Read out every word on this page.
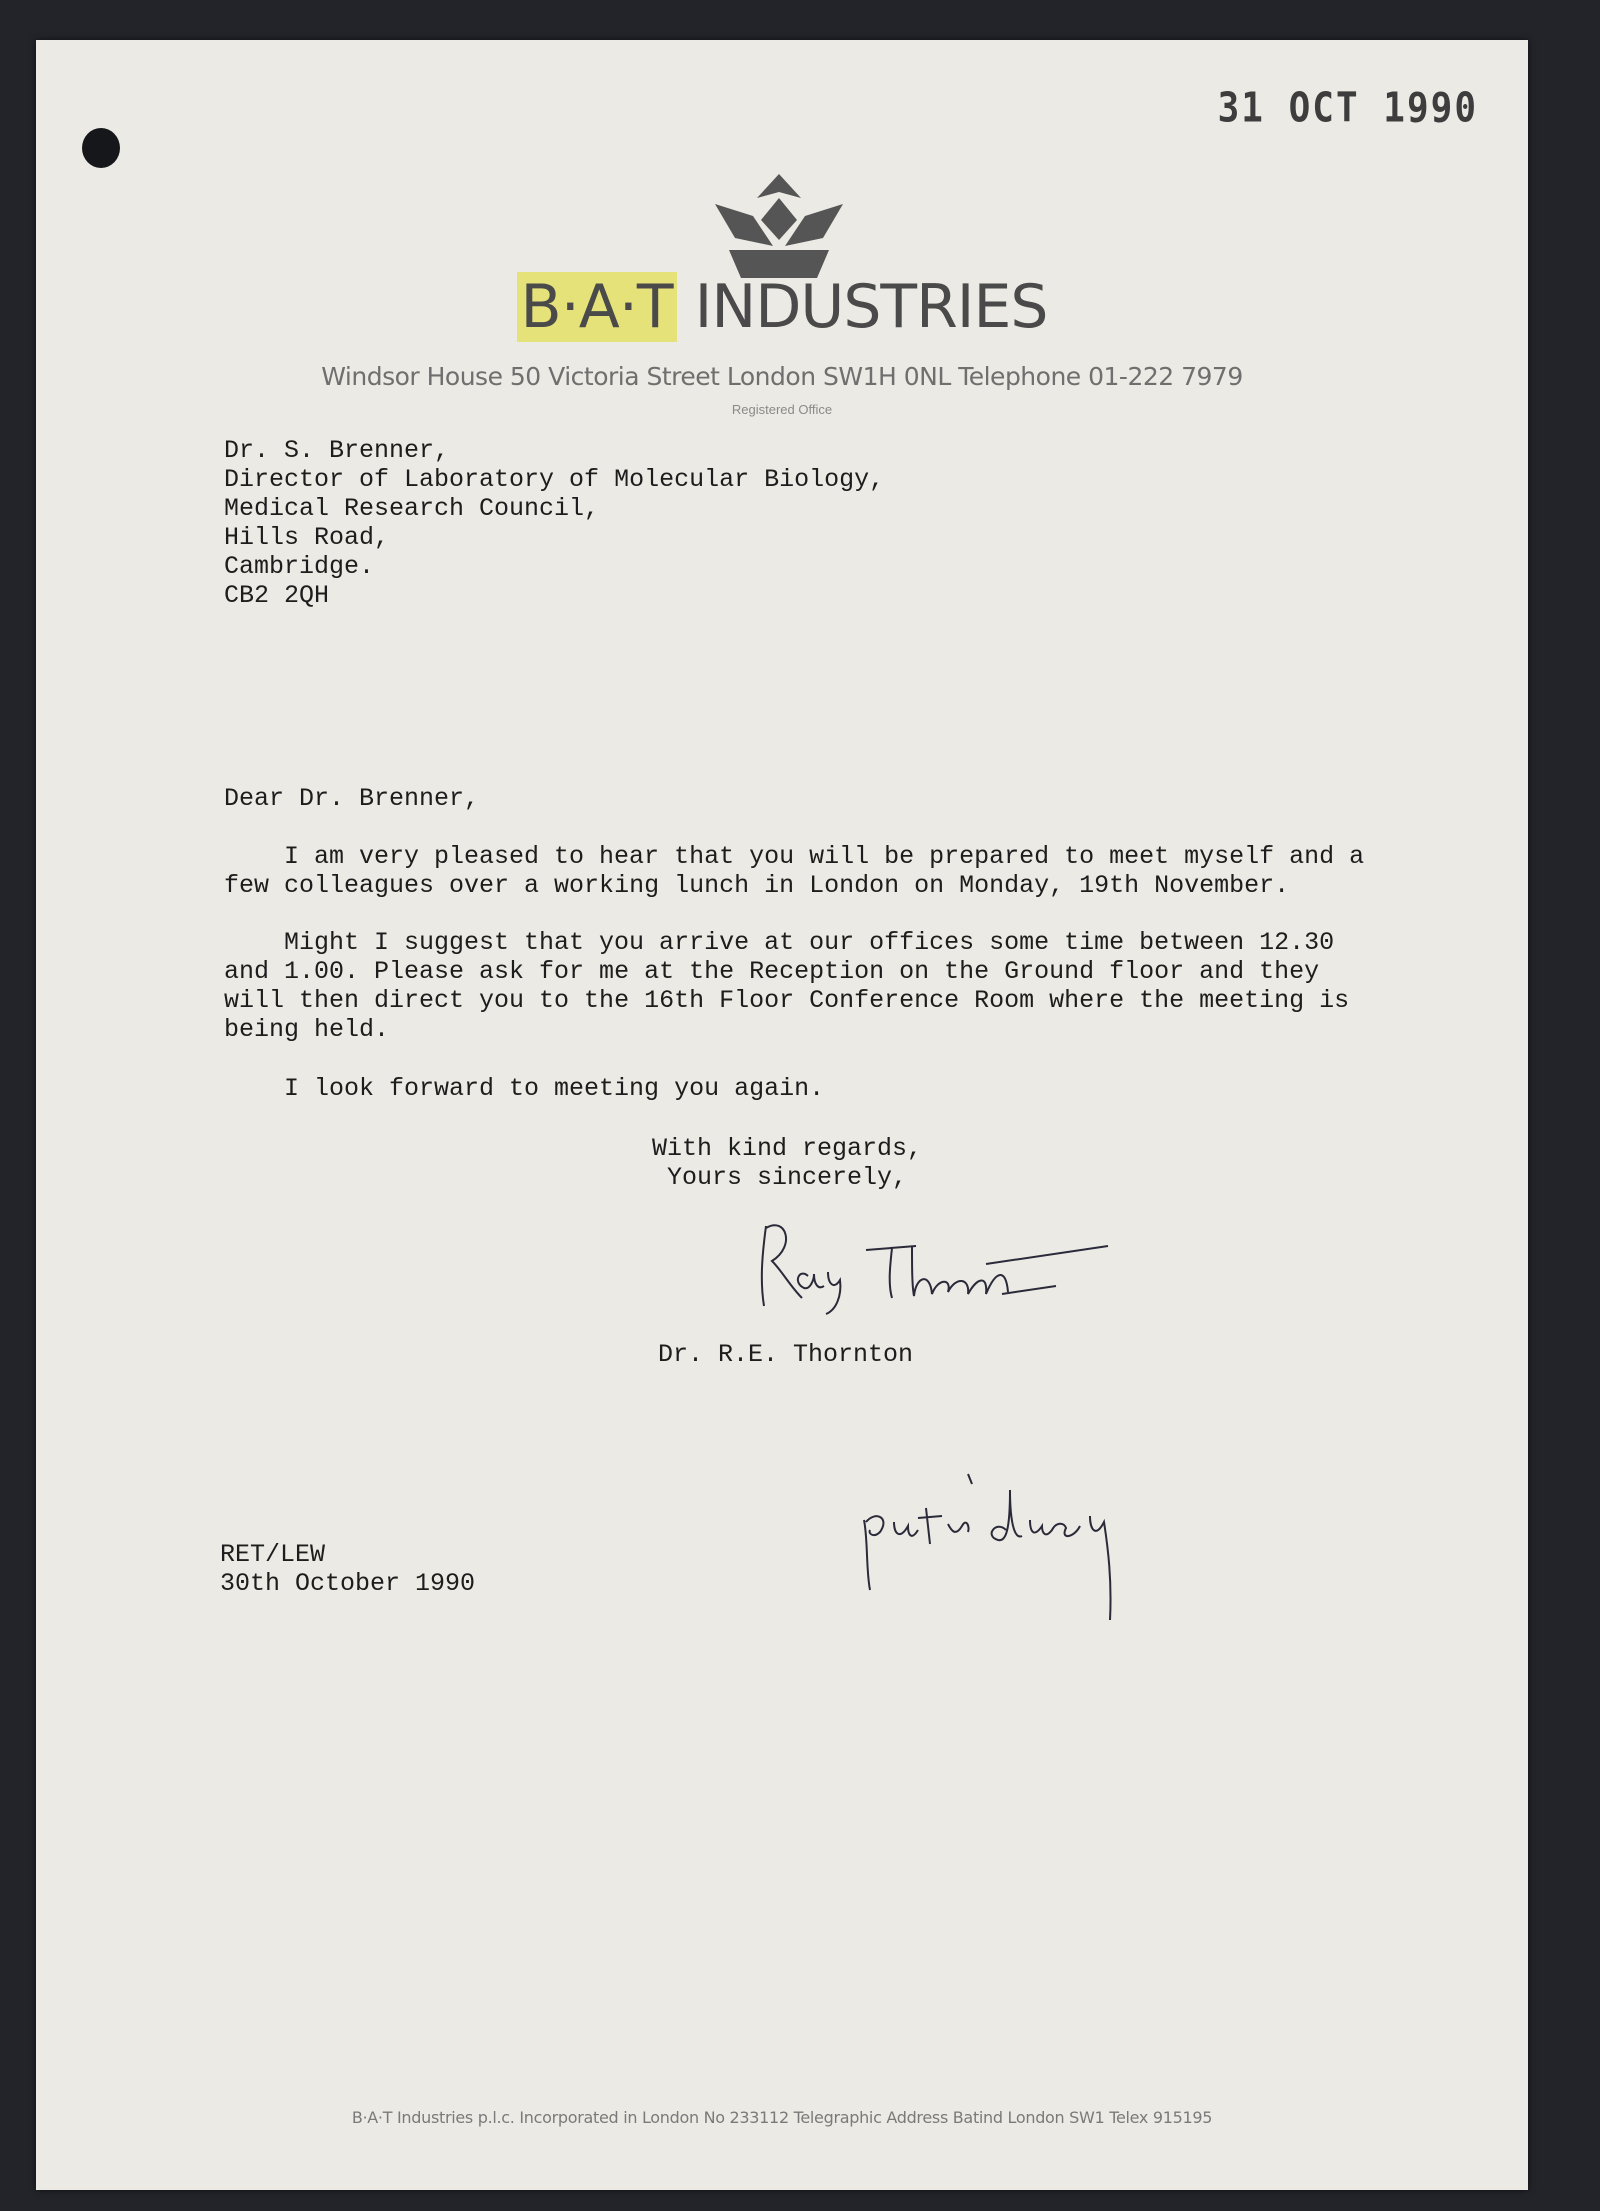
31 OCT 1990
B·A·T INDUSTRIES
Windsor House 50 Victoria Street London SW1H 0NL Telephone 01-222 7979
Registered Office
Dr. S. Brenner,
Director of Laboratory of Molecular Biology,
Medical Research Council,
Hills Road,
Cambridge.
CB2 2QH
Dear Dr. Brenner,
I am very pleased to hear that you will be prepared to meet myself and a few colleagues over a working lunch in London on Monday, 19th November.
Might I suggest that you arrive at our offices some time between 12.30 and 1.00. Please ask for me at the Reception on the Ground floor and they will then direct you to the 16th Floor Conference Room where the meeting is being held.
I look forward to meeting you again.
With kind regards,
Yours sincerely,
Dr. R.E. Thornton
RET/LEW
30th October 1990
B·A·T Industries p.l.c. Incorporated in London No 233112 Telegraphic Address Batind London SW1 Telex 915195
